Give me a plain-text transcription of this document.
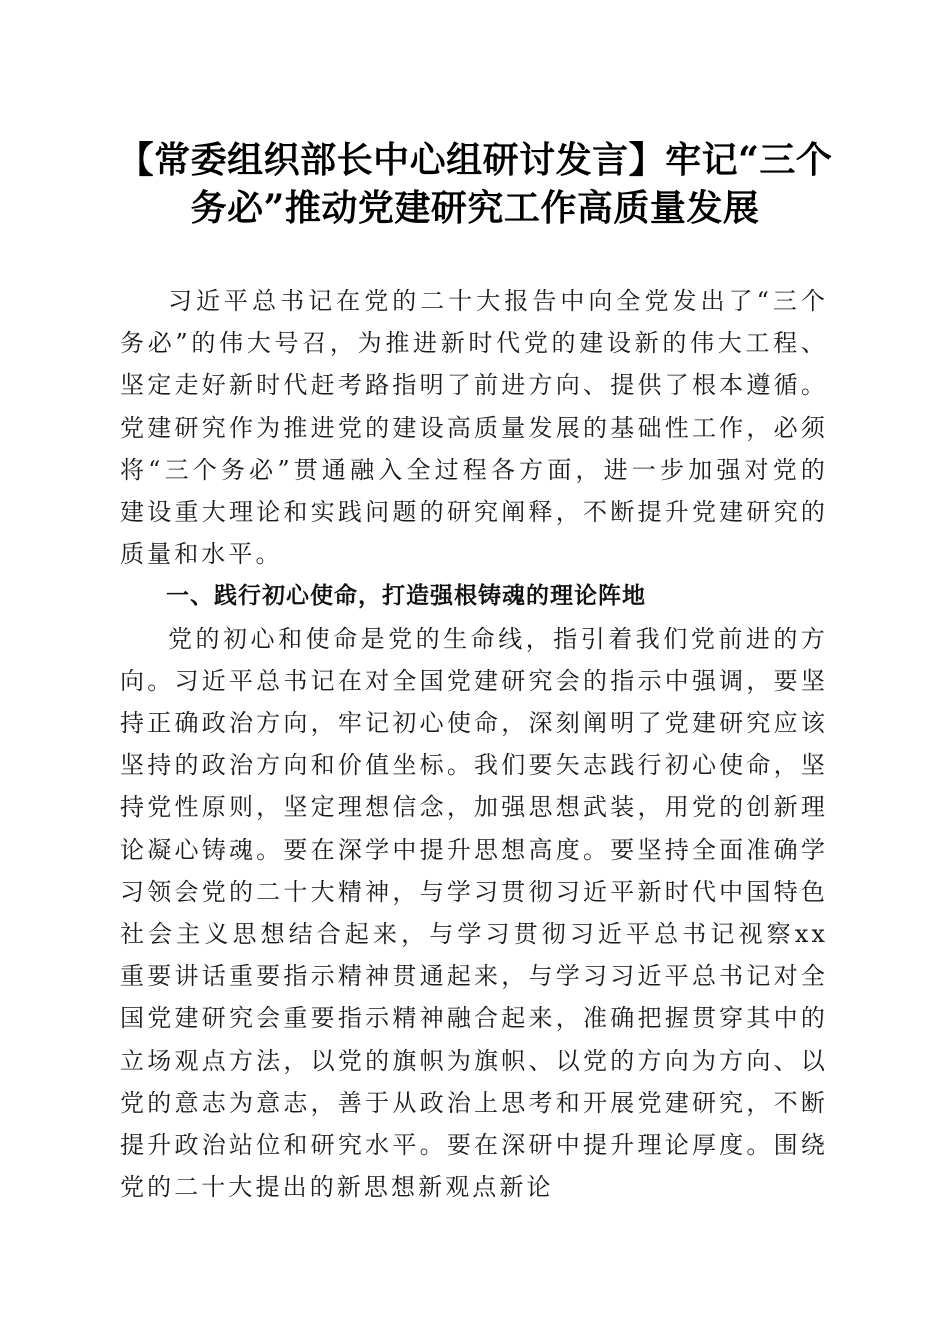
【常委组织部长中心组研讨发言】牢记“三个务必”推动党建研究工作高质量发展

习近平总书记在党的二十大报告中向全党发出了“三个务必”的伟大号召，为推进新时代党的建设新的伟大工程、坚定走好新时代赶考路指明了前进方向、提供了根本遵循。党建研究作为推进党的建设高质量发展的基础性工作，必须将“三个务必”贯通融入全过程各方面，进一步加强对党的建设重大理论和实践问题的研究阐释，不断提升党建研究的质量和水平。

一、践行初心使命，打造强根铸魂的理论阵地

党的初心和使命是党的生命线，指引着我们党前进的方向。习近平总书记在对全国党建研究会的指示中强调，要坚持正确政治方向，牢记初心使命，深刻阐明了党建研究应该坚持的政治方向和价值坐标。我们要矢志践行初心使命，坚持党性原则，坚定理想信念，加强思想武装，用党的创新理论凝心铸魂。要在深学中提升思想高度。要坚持全面准确学习领会党的二十大精神，与学习贯彻习近平新时代中国特色社会主义思想结合起来，与学习贯彻习近平总书记视察xx重要讲话重要指示精神贯通起来，与学习习近平总书记对全国党建研究会重要指示精神融合起来，准确把握贯穿其中的立场观点方法，以党的旗帜为旗帜、以党的方向为方向、以党的意志为意志，善于从政治上思考和开展党建研究，不断提升政治站位和研究水平。要在深研中提升理论厚度。围绕党的二十大提出的新思想新观点新论
